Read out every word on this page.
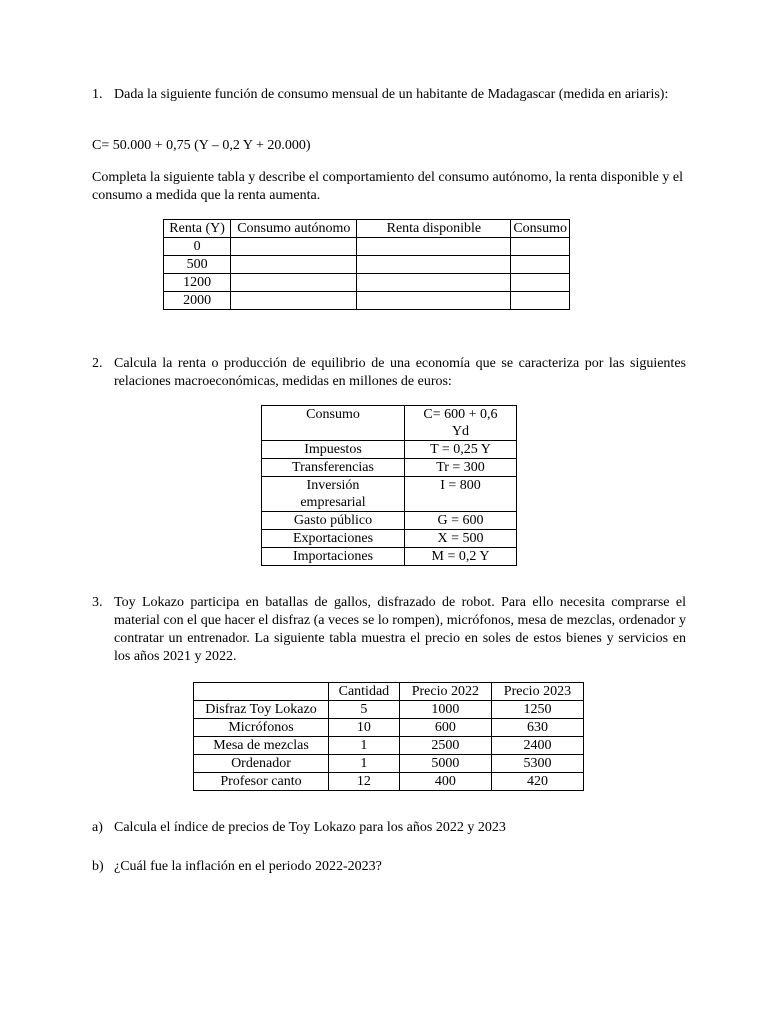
1. Dada la siguiente función de consumo mensual de un habitante de Madagascar (medida en ariaris):
C= 50.000 + 0,75 (Y – 0,2 Y + 20.000)
Completa la siguiente tabla y describe el comportamiento del consumo autónomo, la renta disponible y el consumo a medida que la renta aumenta.
Renta (Y)	Consumo autónomo	Renta disponible	Consumo
0			
500			
1200			
2000			
2. Calcula la renta o producción de equilibrio de una economía que se caracteriza por las siguientes relaciones macroeconómicas, medidas en millones de euros:
Consumo	C= 600 + 0,6 Yd
Impuestos	T = 0,25 Y
Transferencias	Tr = 300
Inversión empresarial	I = 800
Gasto público	G = 600
Exportaciones	X = 500
Importaciones	M = 0,2 Y
3. Toy Lokazo participa en batallas de gallos, disfrazado de robot. Para ello necesita comprarse el material con el que hacer el disfraz (a veces se lo rompen), micrófonos, mesa de mezclas, ordenador y contratar un entrenador. La siguiente tabla muestra el precio en soles de estos bienes y servicios en los años 2021 y 2022.
	Cantidad	Precio 2022	Precio 2023
Disfraz Toy Lokazo	5	1000	1250
Micrófonos	10	600	630
Mesa de mezclas	1	2500	2400
Ordenador	1	5000	5300
Profesor canto	12	400	420
a) Calcula el índice de precios de Toy Lokazo para los años 2022 y 2023
b) ¿Cuál fue la inflación en el periodo 2022-2023?
